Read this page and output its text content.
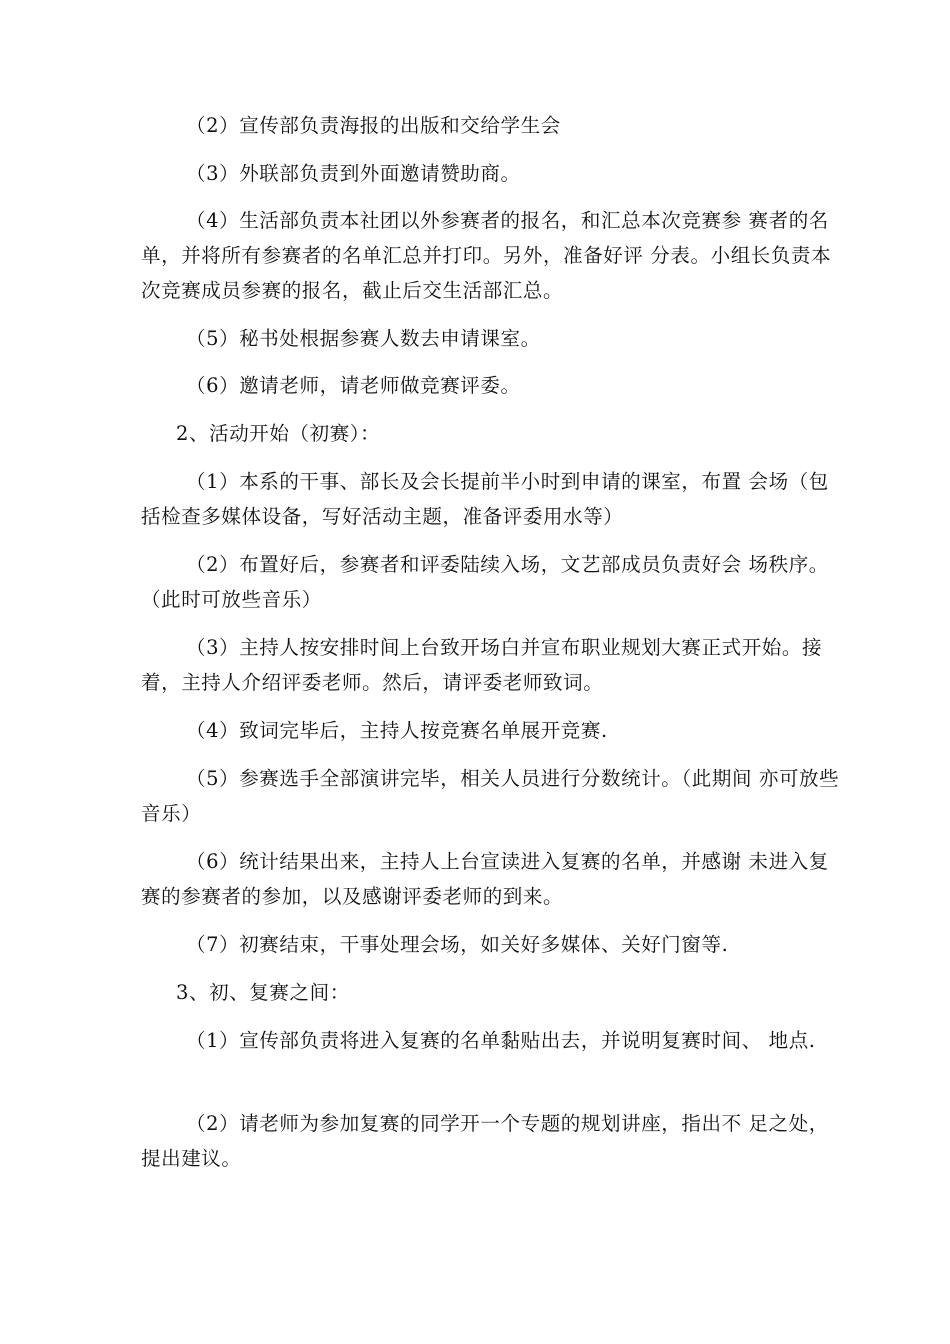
（2）宣传部负责海报的出版和交给学生会

（3）外联部负责到外面邀请赞助商。

（4）生活部负责本社团以外参赛者的报名，和汇总本次竞赛参 赛者的名单，并将所有参赛者的名单汇总并打印。另外，准备好评 分表。小组长负责本次竞赛成员参赛的报名，截止后交生活部汇总。

（5）秘书处根据参赛人数去申请课室。

（6）邀请老师，请老师做竞赛评委。

2、活动开始（初赛）：

（1）本系的干事、部长及会长提前半小时到申请的课室，布置 会场（包括检查多媒体设备，写好活动主题，准备评委用水等）

（2）布置好后，参赛者和评委陆续入场，文艺部成员负责好会 场秩序。（此时可放些音乐）

（3）主持人按安排时间上台致开场白并宣布职业规划大赛正式开始。接着，主持人介绍评委老师。然后，请评委老师致词。

（4）致词完毕后，主持人按竞赛名单展开竞赛.

（5）参赛选手全部演讲完毕，相关人员进行分数统计。（此期间 亦可放些音乐）

（6）统计结果出来，主持人上台宣读进入复赛的名单，并感谢 未进入复赛的参赛者的参加，以及感谢评委老师的到来。

（7）初赛结束，干事处理会场，如关好多媒体、关好门窗等.

3、初、复赛之间：

（1）宣传部负责将进入复赛的名单黏贴出去，并说明复赛时间、 地点.

（2）请老师为参加复赛的同学开一个专题的规划讲座，指出不 足之处，提出建议。
